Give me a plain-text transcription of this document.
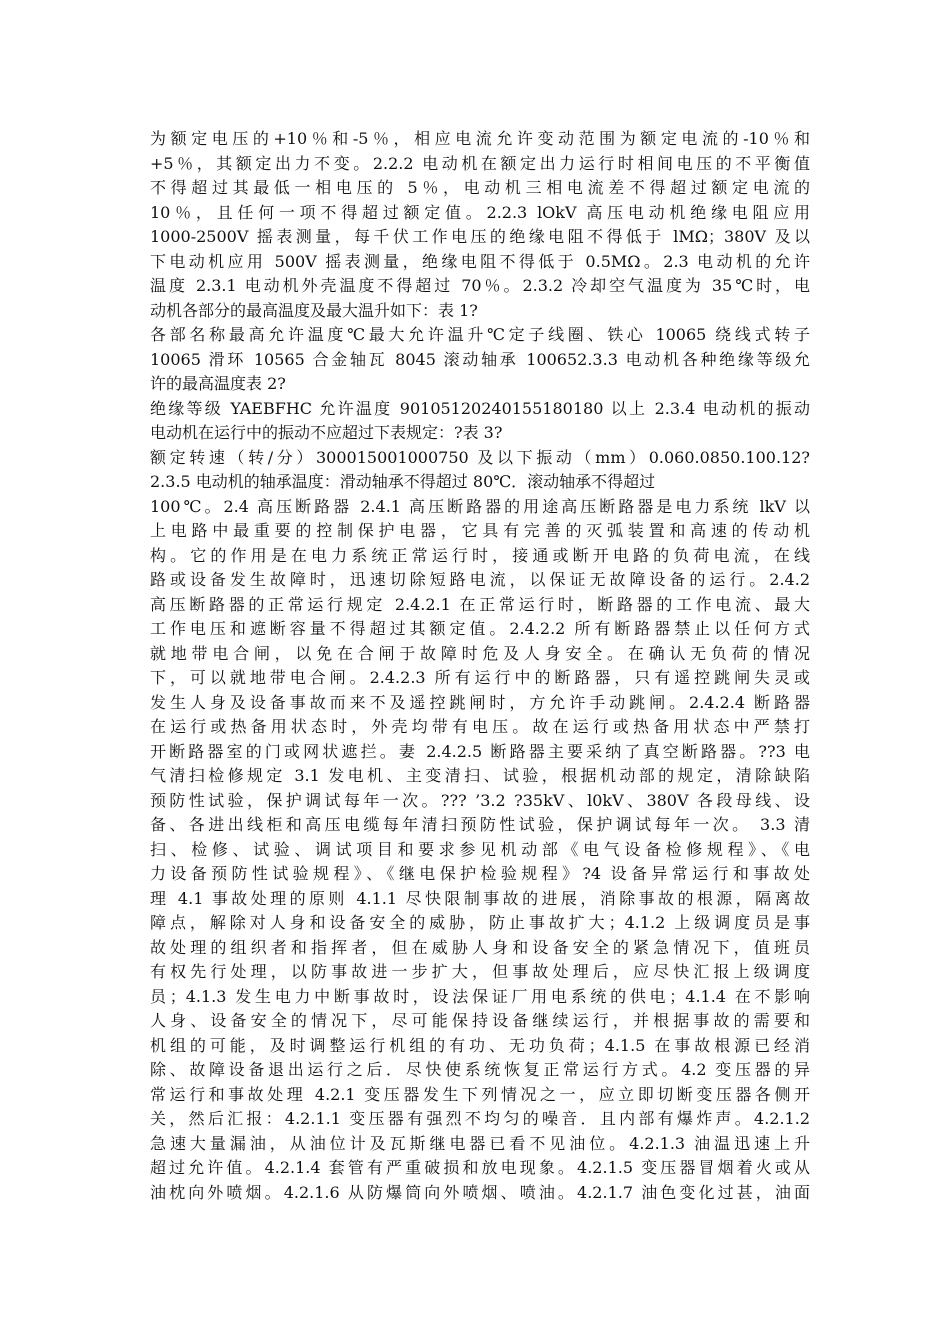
为额定电压的+10％和-5％，相应电流允许变动范围为额定电流的-10％和
+5％，其额定出力不变。2.2.2 电动机在额定出力运行时相间电压的不平衡值
不得超过其最低一相电压的 5％，电动机三相电流差不得超过额定电流的
10％，且任何一项不得超过额定值。2.2.3 lOkV 高压电动机绝缘电阻应用
1000-2500V 摇表测量，每千伏工作电压的绝缘电阻不得低于 lMΩ；380V 及以
下电动机应用 500V 摇表测量，绝缘电阻不得低于 0.5MΩ。2.3 电动机的允许
温度 2.3.1 电动机外壳温度不得超过 70％。2.3.2 冷却空气温度为 35℃时，电
动机各部分的最高温度及最大温升如下：表 1?
各部名称最高允许温度℃最大允许温升℃定子线圈、铁心 10065 绕线式转子
10065 滑环 10565 合金轴瓦 8045 滚动轴承 100652.3.3 电动机各种绝缘等级允
许的最高温度表 2?
绝缘等级 YAEBFHC 允许温度 90105120240155180180 以上 2.3.4 电动机的振动
电动机在运行中的振动不应超过下表规定：?表 3?
额定转速（转/分）300015001000750 及以下振动（mm）0.060.0850.100.12?
2.3.5 电动机的轴承温度：滑动轴承不得超过 80℃．滚动轴承不得超过
100℃。2.4 高压断路器 2.4.1 高压断路器的用途高压断路器是电力系统 lkV 以
上电路中最重要的控制保护电器，它具有完善的灭弧装置和高速的传动机
构。它的作用是在电力系统正常运行时，接通或断开电路的负荷电流，在线
路或设备发生故障时，迅速切除短路电流，以保证无故障设备的运行。2.4.2
高压断路器的正常运行规定 2.4.2.1 在正常运行时，断路器的工作电流、最大
工作电压和遮断容量不得超过其额定值。2.4.2.2 所有断路器禁止以任何方式
就地带电合闸，以免在合闸于故障时危及人身安全。在确认无负荷的情况
下，可以就地带电合闸。2.4.2.3 所有运行中的断路器，只有遥控跳闸失灵或
发生人身及设备事故而来不及遥控跳闸时，方允许手动跳闸。2.4.2.4 断路器
在运行或热备用状态时，外壳均带有电压。故在运行或热备用状态中严禁打
开断路器室的门或网状遮拦。妻 2.4.2.5 断路器主要采纳了真空断路器。??3 电
气清扫检修规定 3.1 发电机、主变清扫、试验，根据机动部的规定，清除缺陷
预防性试验，保护调试每年一次。??? ’3.2 ?35kV、l0kV、380V 各段母线、设
备、各进出线柜和高压电缆每年清扫预防性试验，保护调试每年一次。 3.3 清
扫、检修、试验、调试项目和要求参见机动部《电气设备检修规程》、《电
力设备预防性试验规程》、《继电保护检验规程》?4 设备异常运行和事故处
理 4.1 事故处理的原则 4.1.1 尽快限制事故的进展，消除事故的根源，隔离故
障点，解除对人身和设备安全的威胁，防止事故扩大；4.1.2 上级调度员是事
故处理的组织者和指挥者，但在威胁人身和设备安全的紧急情况下，值班员
有权先行处理，以防事故进一步扩大，但事故处理后，应尽快汇报上级调度
员；4.1.3 发生电力中断事故时，设法保证厂用电系统的供电；4.1.4 在不影响
人身、设备安全的情况下，尽可能保持设备继续运行，并根据事故的需要和
机组的可能，及时调整运行机组的有功、无功负荷；4.1.5 在事故根源已经消
除、故障设备退出运行之后．尽快使系统恢复正常运行方式。4.2 变压器的异
常运行和事故处理 4.2.1 变压器发生下列情况之一，应立即切断变压器各侧开
关，然后汇报：4.2.1.1 变压器有强烈不均匀的噪音．且内部有爆炸声。4.2.1.2
急速大量漏油，从油位计及瓦斯继电器已看不见油位。4.2.1.3 油温迅速上升
超过允许值。4.2.1.4 套管有严重破损和放电现象。4.2.1.5 变压器冒烟着火或从
油枕向外喷烟。4.2.1.6 从防爆筒向外喷烟、喷油。4.2.1.7 油色变化过甚，油面
